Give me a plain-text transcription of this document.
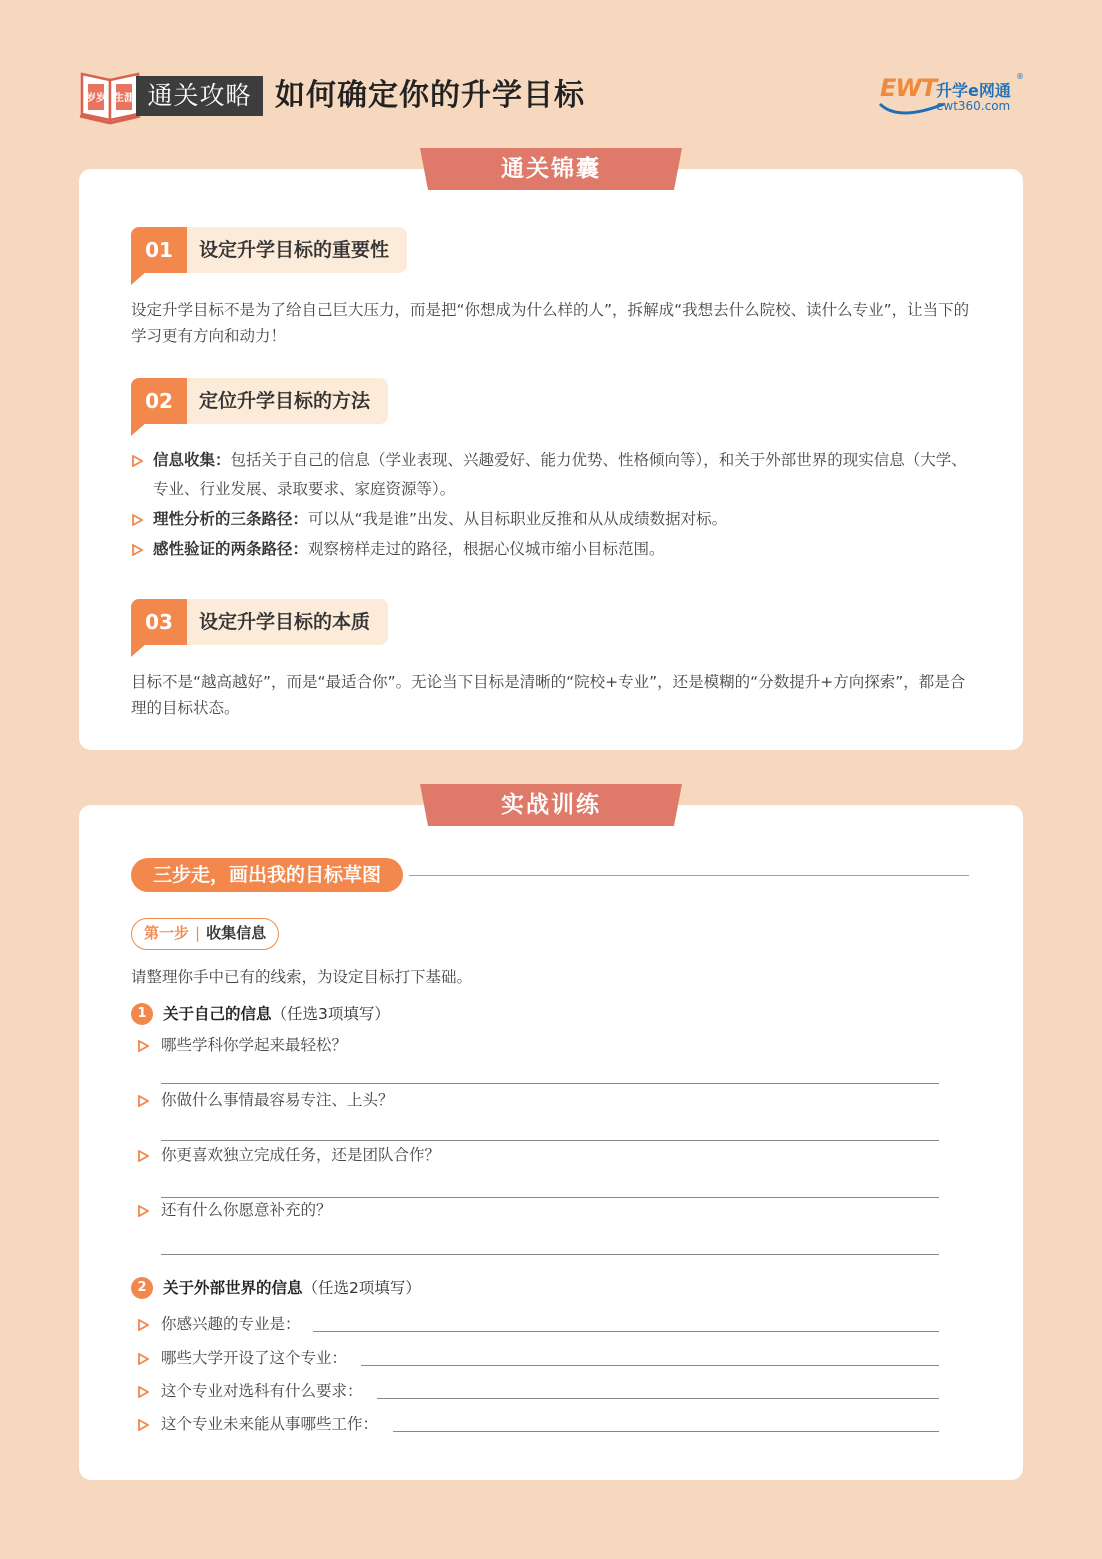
岁岁 生涯 通关攻略 如何确定你的升学目标	EWT 升学e网通
ewt360.com
®
通关锦囊
01	设定升学目标的重要性
设定升学目标不是为了给自己巨大压力，而是把“你想成为什么样的人”，拆解成“我想去什么院校、读什么专业”，让当下的学习更有方向和动力！
02	定位升学目标的方法
信息收集：包括关于自己的信息（学业表现、兴趣爱好、能力优势、性格倾向等），和关于外部世界的现实信息（大学、专业、行业发展、录取要求、家庭资源等）。
理性分析的三条路径：可以从“我是谁”出发、从目标职业反推和从从成绩数据对标。
感性验证的两条路径：观察榜样走过的路径，根据心仪城市缩小目标范围。
03	设定升学目标的本质
目标不是“越高越好”，而是“最适合你”。无论当下目标是清晰的“院校+专业”，还是模糊的“分数提升+方向探索”，都是合理的目标状态。
实战训练
三步走，画出我的目标草图
第一步 | 收集信息
请整理你手中已有的线索，为设定目标打下基础。
1	关于自己的信息（任选3项填写）
哪些学科你学起来最轻松？
你做什么事情最容易专注、上头？
你更喜欢独立完成任务，还是团队合作？
还有什么你愿意补充的？
2	关于外部世界的信息（任选2项填写）
你感兴趣的专业是：
哪些大学开设了这个专业：
这个专业对选科有什么要求：
这个专业未来能从事哪些工作：
